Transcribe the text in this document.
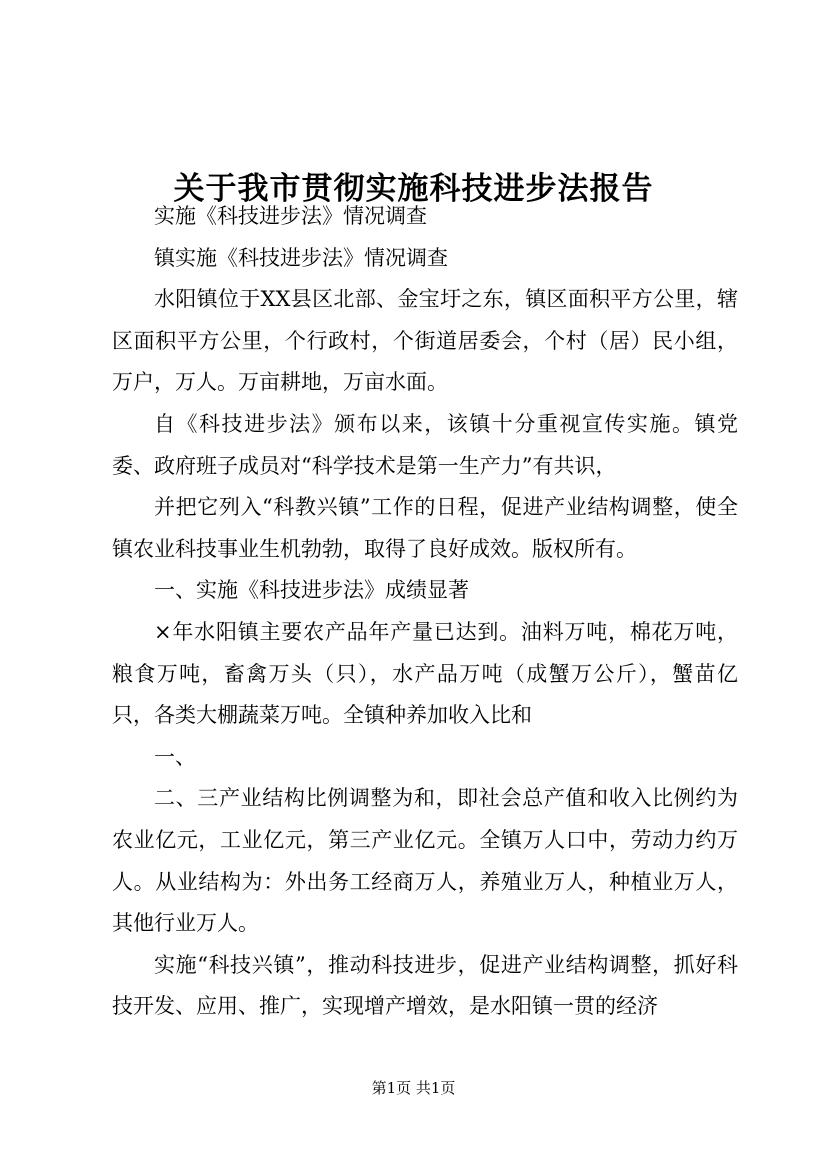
关于我市贯彻实施科技进步法报告

实施《科技进步法》情况调查

镇实施《科技进步法》情况调查

水阳镇位于XX县区北部、金宝圩之东，镇区面积平方公里，辖区面积平方公里，个行政村，个街道居委会，个村（居）民小组，万户，万人。万亩耕地，万亩水面。

自《科技进步法》颁布以来，该镇十分重视宣传实施。镇党委、政府班子成员对“科学技术是第一生产力”有共识，

并把它列入“科教兴镇”工作的日程，促进产业结构调整，使全镇农业科技事业生机勃勃，取得了良好成效。版权所有。

一、实施《科技进步法》成绩显著

×年水阳镇主要农产品年产量已达到。油料万吨，棉花万吨，粮食万吨，畜禽万头（只），水产品万吨（成蟹万公斤），蟹苗亿只，各类大棚蔬菜万吨。全镇种养加收入比和

一、

二、三产业结构比例调整为和，即社会总产值和收入比例约为农业亿元，工业亿元，第三产业亿元。全镇万人口中，劳动力约万人。从业结构为：外出务工经商万人，养殖业万人，种植业万人，其他行业万人。

实施“科技兴镇”，推动科技进步，促进产业结构调整，抓好科技开发、应用、推广，实现增产增效，是水阳镇一贯的经济

第1页 共1页
